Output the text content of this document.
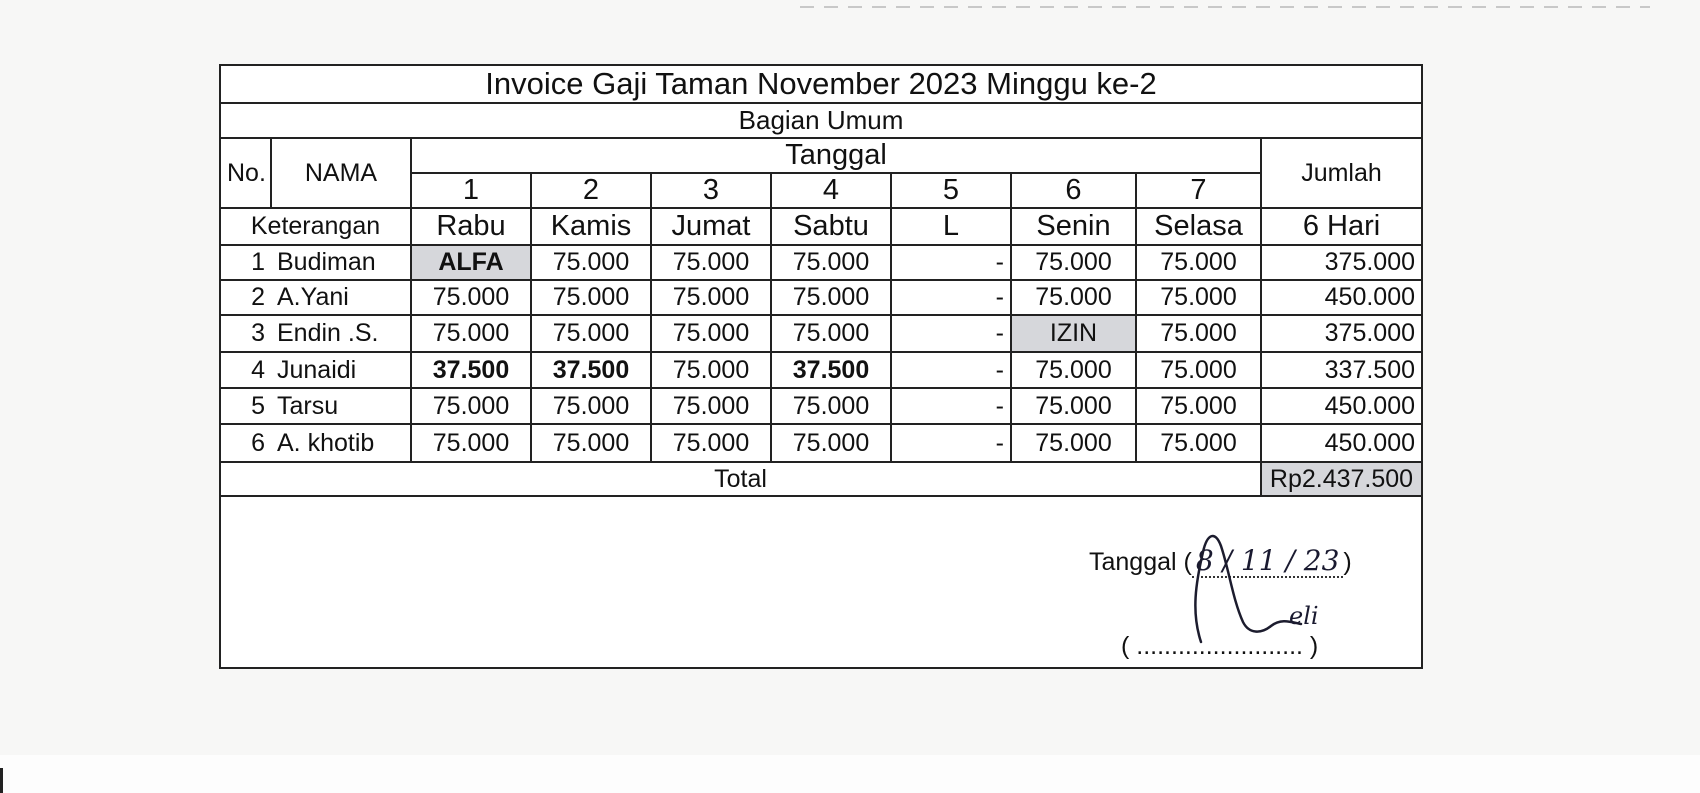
Invoice Gaji Taman November 2023 Minggu ke-2									
Bagian Umum									
No.	NAMA	Tanggal							Jumlah
		1	2	3	4	5	6	7	
Keterangan		Rabu	Kamis	Jumat	Sabtu	L	Senin	Selasa	6 Hari
1	Budiman	ALFA	75.000	75.000	75.000	-	75.000	75.000	375.000
2	A.Yani	75.000	75.000	75.000	75.000	-	75.000	75.000	450.000
3	Endin .S.	75.000	75.000	75.000	75.000	-	IZIN	75.000	375.000
4	Junaidi	37.500	37.500	75.000	37.500	-	75.000	75.000	337.500
5	Tarsu	75.000	75.000	75.000	75.000	-	75.000	75.000	450.000
6	A. khotib	75.000	75.000	75.000	75.000	-	75.000	75.000	450.000
Total									Rp2.437.500
Tanggal ( 8 / 11 / 23 )
eli
( ........................ )
